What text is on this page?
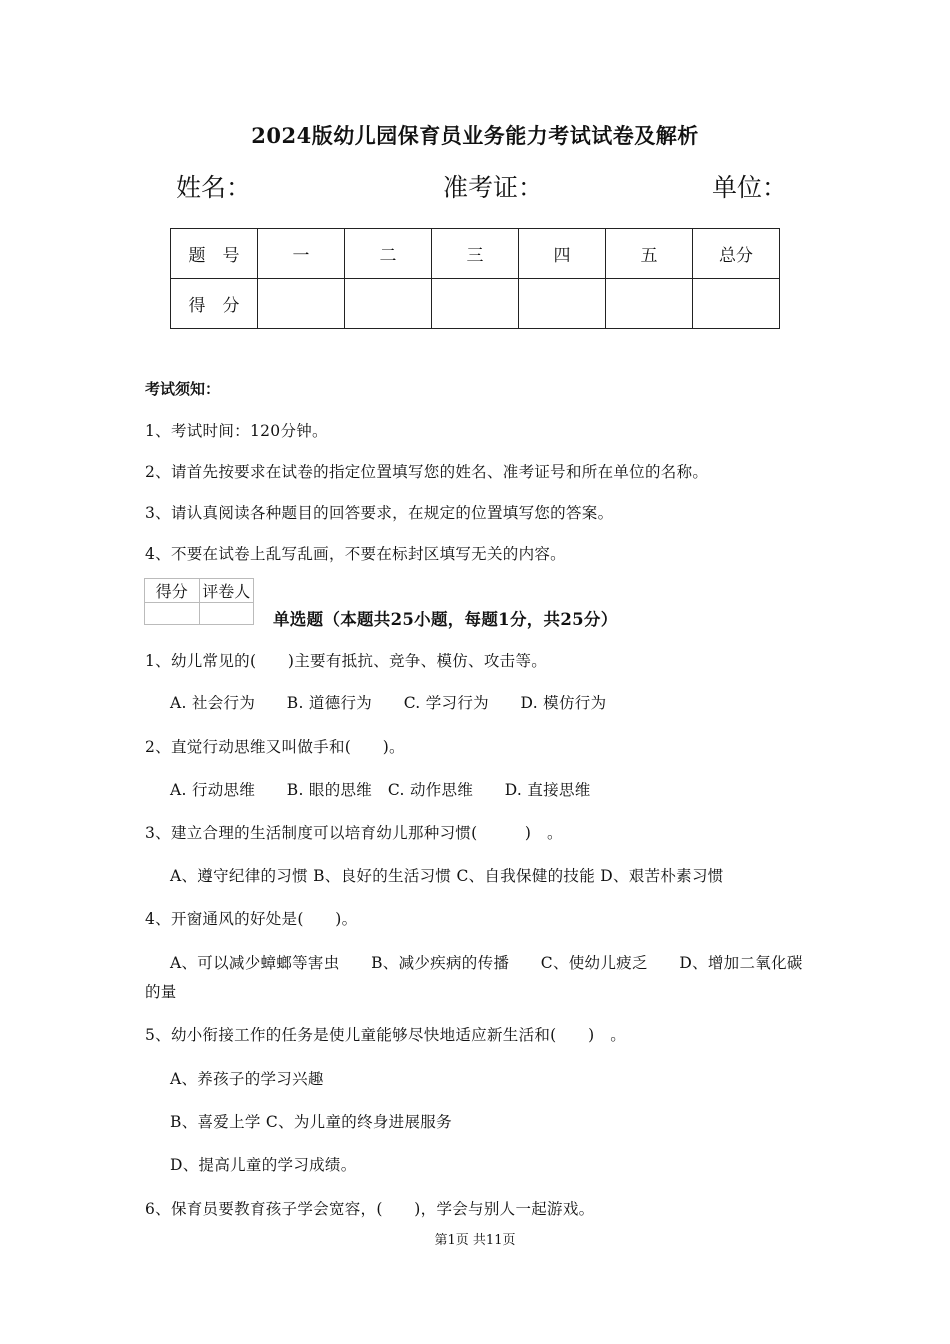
2024版幼儿园保育员业务能力考试试卷及解析
姓名：	准考证：	单位：
题　号	一	二	三	四	五	总分
得　分						
考试须知：
1、考试时间：120分钟。
2、请首先按要求在试卷的指定位置填写您的姓名、准考证号和所在单位的名称。
3、请认真阅读各种题目的回答要求，在规定的位置填写您的答案。
4、不要在试卷上乱写乱画，不要在标封区填写无关的内容。
得分	评卷人

单选题（本题共25小题，每题1分，共25分）
1、幼儿常见的(　　)主要有抵抗、竞争、模仿、攻击等。
A. 社会行为　　B. 道德行为　　C. 学习行为　　D. 模仿行为
2、直觉行动思维又叫做手和(　　)。
A. 行动思维　　B. 眼的思维　C. 动作思维　　D. 直接思维
3、建立合理的生活制度可以培育幼儿那种习惯(　　　)　。
A、遵守纪律的习惯 B、良好的生活习惯 C、自我保健的技能 D、艰苦朴素习惯
4、开窗通风的好处是(　　)。
A、可以减少蟑螂等害虫　　B、减少疾病的传播　　C、使幼儿疲乏　　D、增加二氧化碳
的量
5、幼小衔接工作的任务是使儿童能够尽快地适应新生活和(　　)　。
A、养孩子的学习兴趣
B、喜爱上学 C、为儿童的终身进展服务
D、提高儿童的学习成绩。
6、保育员要教育孩子学会宽容，(　　)，学会与别人一起游戏。
第1页 共11页
